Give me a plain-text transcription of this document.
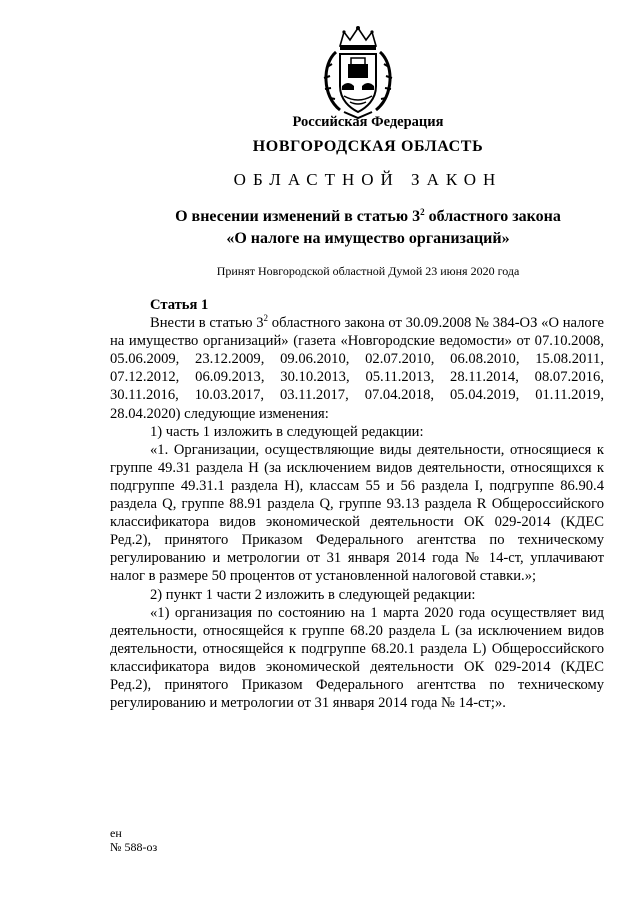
Российская Федерация
НОВГОРОДСКАЯ ОБЛАСТЬ
ОБЛАСТНОЙ ЗАКОН
О внесении изменений в статью $3^2$ областного закона
«О налоге на имущество организаций»
Принят Новгородской областной Думой 23 июня 2020 года

Статья 1

Внести в статью $3^2$ областного закона от 30.09.2008 № 384-ОЗ «О налоге на имущество организаций» (газета «Новгородские ведомости» от 07.10.2008, 05.06.2009, 23.12.2009, 09.06.2010, 02.07.2010, 06.08.2010, 15.08.2011, 07.12.2012, 06.09.2013, 30.10.2013, 05.11.2013, 28.11.2014, 08.07.2016, 30.11.2016, 10.03.2017, 03.11.2017, 07.04.2018, 05.04.2019, 01.11.2019, 28.04.2020) следующие изменения:

1) часть 1 изложить в следующей редакции:

«1. Организации, осуществляющие виды деятельности, относящиеся к группе 49.31 раздела Н (за исключением видов деятельности, относящихся к подгруппе 49.31.1 раздела Н), классам 55 и 56 раздела I, подгруппе 86.90.4 раздела Q, группе 88.91 раздела Q, группе 93.13 раздела R Общероссийского классификатора видов экономической деятельности ОК 029-2014 (КДЕС Ред.2), принятого Приказом Федерального агентства по техническому регулированию и метрологии от 31 января 2014 года № 14-ст, уплачивают налог в размере 50 процентов от установленной налоговой ставки.»;

2) пункт 1 части 2 изложить в следующей редакции:

«1) организация по состоянию на 1 марта 2020 года осуществляет вид деятельности, относящейся к группе 68.20 раздела L (за исключением видов деятельности, относящейся к подгруппе 68.20.1 раздела L) Общероссийского классификатора видов экономической деятельности ОК 029-2014 (КДЕС Ред.2), принятого Приказом Федерального агентства по техническому регулированию и метрологии от 31 января 2014 года № 14-ст;».

ен
№ 588-оз
